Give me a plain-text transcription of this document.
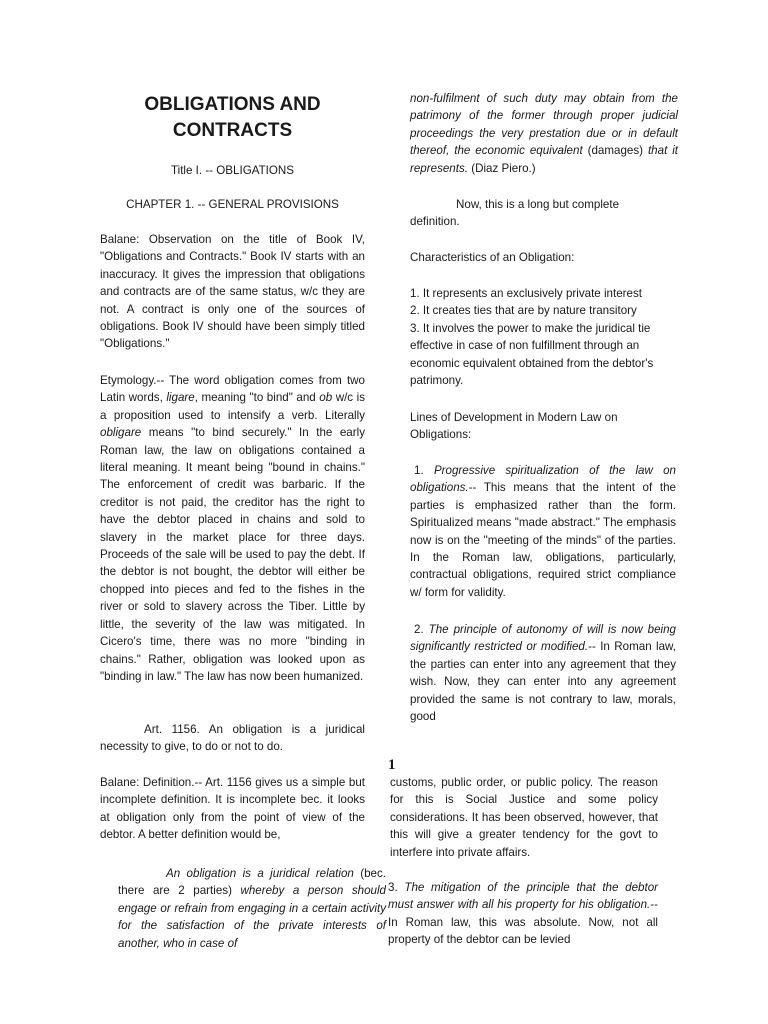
OBLIGATIONS AND
CONTRACTS

Title I. -- OBLIGATIONS

CHAPTER 1. -- GENERAL PROVISIONS

Balane: Observation on the title of Book IV, "Obligations and Contracts." Book IV starts with an inaccuracy. It gives the impression that obligations and contracts are of the same status, w/c they are not. A contract is only one of the sources of obligations. Book IV should have been simply titled "Obligations."

Etymology.-- The word obligation comes from two Latin words, ligare, meaning "to bind" and ob w/c is a proposition used to intensify a verb. Literally obligare means "to bind securely." In the early Roman law, the law on obligations contained a literal meaning. It meant being "bound in chains." The enforcement of credit was barbaric. If the creditor is not paid, the creditor has the right to have the debtor placed in chains and sold to slavery in the market place for three days. Proceeds of the sale will be used to pay the debt. If the debtor is not bought, the debtor will either be chopped into pieces and fed to the fishes in the river or sold to slavery across the Tiber. Little by little, the severity of the law was mitigated. In Cicero's time, there was no more "binding in chains." Rather, obligation was looked upon as "binding in law." The law has now been humanized.

Art. 1156. An obligation is a juridical necessity to give, to do or not to do.

Balane: Definition.-- Art. 1156 gives us a simple but incomplete definition. It is incomplete bec. it looks at obligation only from the point of view of the debtor. A better definition would be,

An obligation is a juridical relation (bec. there are 2 parties) whereby a person should engage or refrain from engaging in a certain activity for the satisfaction of the private interests of another, who in case of

non-fulfilment of such duty may obtain from the patrimony of the former through proper judicial proceedings the very prestation due or in default thereof, the economic equivalent (damages) that it represents. (Diaz Piero.)

Now, this is a long but complete definition.

Characteristics of an Obligation:

1. It represents an exclusively private interest
2. It creates ties that are by nature transitory
3. It involves the power to make the juridical tie effective in case of non fulfillment through an economic equivalent obtained from the debtor's patrimony.

Lines of Development in Modern Law on Obligations:

1. Progressive spiritualization of the law on obligations.-- This means that the intent of the parties is emphasized rather than the form. Spiritualized means "made abstract." The emphasis now is on the "meeting of the minds" of the parties. In the Roman law, obligations, particularly, contractual obligations, required strict compliance w/ form for validity.

2. The principle of autonomy of will is now being significantly restricted or modified.-- In Roman law, the parties can enter into any agreement that they wish. Now, they can enter into any agreement provided the same is not contrary to law, morals, good

1

customs, public order, or public policy. The reason for this is Social Justice and some policy considerations. It has been observed, however, that this will give a greater tendency for the govt to interfere into private affairs.

3. The mitigation of the principle that the debtor must answer with all his property for his obligation.-- In Roman law, this was absolute. Now, not all property of the debtor can be levied
